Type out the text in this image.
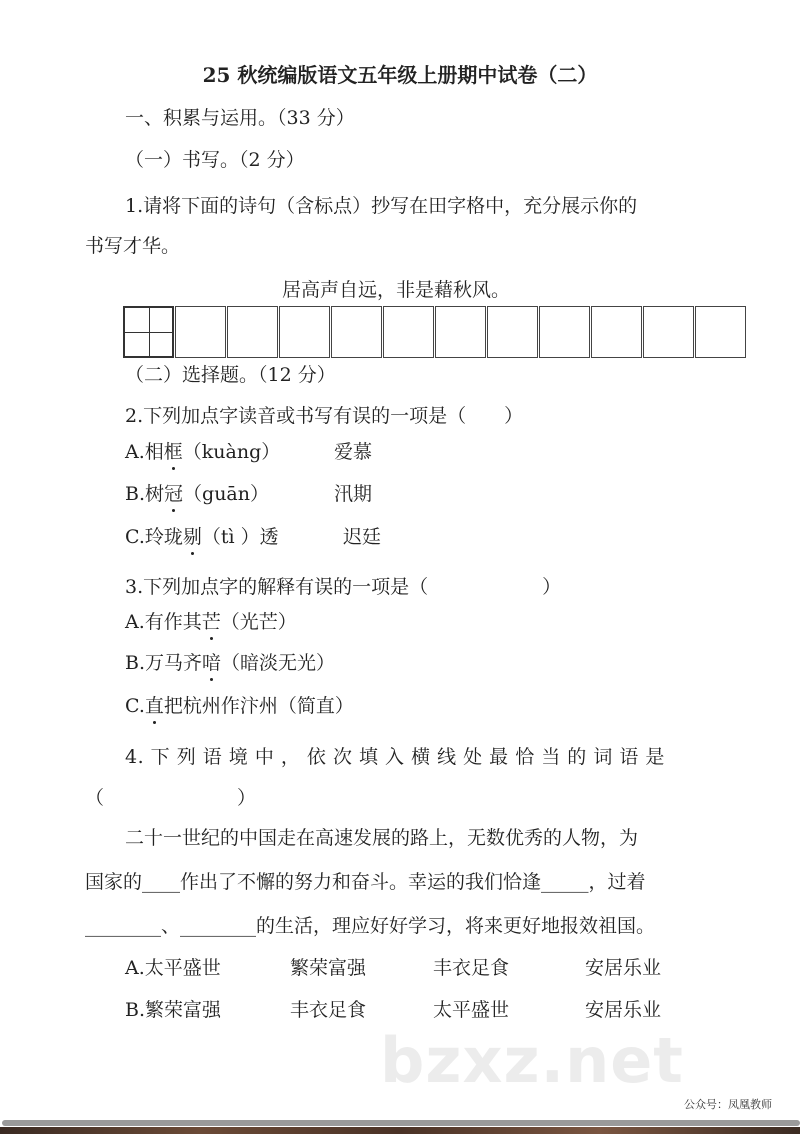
25 秋统编版语文五年级上册期中试卷（二）
一、积累与运用。（33 分）
（一）书写。（2 分）
1.请将下面的诗句（含标点）抄写在田字格中，充分展示你的
书写才华。
居高声自远，非是藉秋风。
（二）选择题。（12 分）
2.下列加点字读音或书写有误的一项是（　　）
A.相框（kuàng）	爱慕
B.树冠（guān）	汛期
C.玲珑剔（tì ）透	迟廷
3.下列加点字的解释有误的一项是（　　　　　　）
A.有作其芒（光芒）
B.万马齐喑（暗淡无光）
C.直把杭州作汴州（简直）
4. 下 列 语 境 中 ， 依 次 填 入 横 线 处 最 恰 当 的 词 语 是
（　　　　　　　）
二十一世纪的中国走在高速发展的路上，无数优秀的人物，为
国家的____作出了不懈的努力和奋斗。幸运的我们恰逢_____，过着
________、________的生活，理应好好学习，将来更好地报效祖国。
A.太平盛世	繁荣富强	丰衣足食	安居乐业
B.繁荣富强	丰衣足食	太平盛世	安居乐业
bzxz.net
公众号：凤凰教师
